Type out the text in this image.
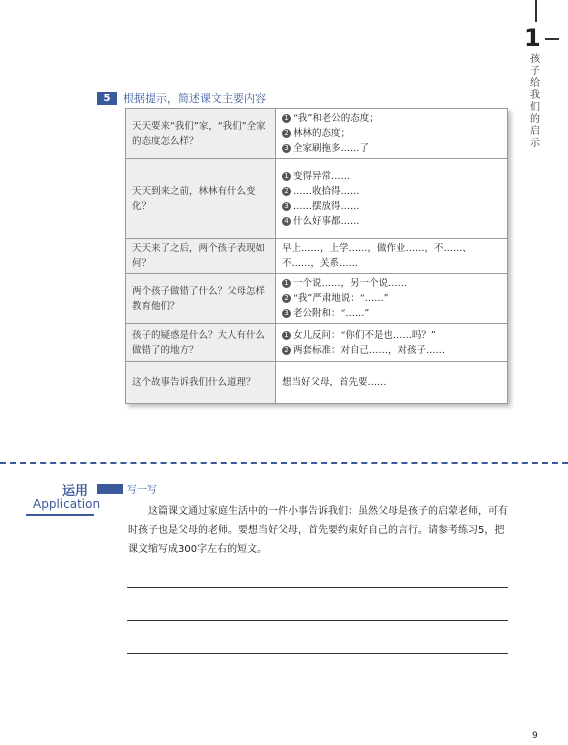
1
孩子给我们的启示
5	根据提示，简述课文主要内容
天天要来“我们”家，“我们”全家的态度怎么样？	1 “我”和老公的态度；
2 林林的态度；
3 全家刷拖多……了

天天到来之前，林林有什么变化？	1 变得异常……
2 ……收拾得……
3 ……摆放得……
4 什么好事都……

天天来了之后，两个孩子表现如何？	早上……，上学……，做作业……，不……、不……，关系……

两个孩子做错了什么？父母怎样教育他们？	1 一个说……，另一个说……
2 “我”严肃地说：“……”
3 老公附和：“……”

孩子的疑惑是什么？大人有什么做错了的地方？	1 女儿反问：“你们不是也……吗？”
2 两套标准：对自己……，对孩子……

这个故事告诉我们什么道理？	想当好父母，首先要……
运用
Application
写一写
这篇课文通过家庭生活中的一件小事告诉我们：虽然父母是孩子的启蒙老师，可有时孩子也是父母的老师。要想当好父母，首先要约束好自己的言行。请参考练习5，把课文缩写成300字左右的短文。
9
